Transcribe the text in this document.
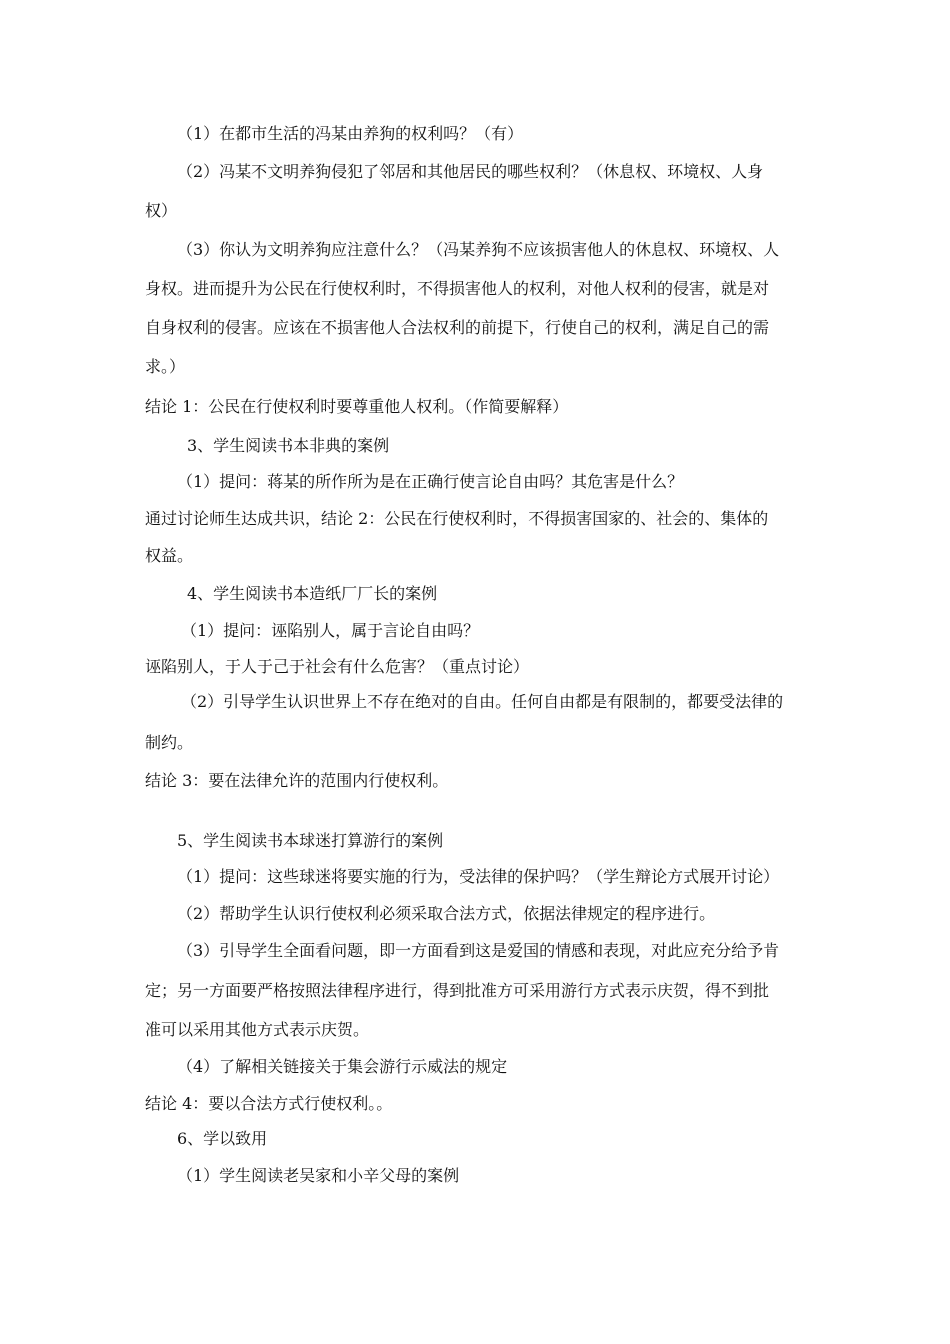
（1）在都市生活的冯某由养狗的权利吗？（有）

（2）冯某不文明养狗侵犯了邻居和其他居民的哪些权利？（休息权、环境权、人身

权）

（3）你认为文明养狗应注意什么？（冯某养狗不应该损害他人的休息权、环境权、人

身权。进而提升为公民在行使权利时，不得损害他人的权利，对他人权利的侵害，就是对

自身权利的侵害。应该在不损害他人合法权利的前提下，行使自己的权利，满足自己的需

求。）

结论 1：公民在行使权利时要尊重他人权利。（作简要解释）

3、学生阅读书本非典的案例

（1）提问：蒋某的所作所为是在正确行使言论自由吗？其危害是什么？

通过讨论师生达成共识，结论 2：公民在行使权利时，不得损害国家的、社会的、集体的

权益。

4、学生阅读书本造纸厂厂长的案例

（1）提问：诬陷别人，属于言论自由吗？

诬陷别人，于人于己于社会有什么危害？（重点讨论）

（2）引导学生认识世界上不存在绝对的自由。任何自由都是有限制的，都要受法律的

制约。

结论 3：要在法律允许的范围内行使权利。

5、学生阅读书本球迷打算游行的案例

（1）提问：这些球迷将要实施的行为，受法律的保护吗？（学生辩论方式展开讨论）

（2）帮助学生认识行使权利必须采取合法方式，依据法律规定的程序进行。

（3）引导学生全面看问题，即一方面看到这是爱国的情感和表现，对此应充分给予肯

定；另一方面要严格按照法律程序进行，得到批准方可采用游行方式表示庆贺，得不到批

准可以采用其他方式表示庆贺。

（4）了解相关链接关于集会游行示威法的规定

结论 4：要以合法方式行使权利。。

6、学以致用

（1）学生阅读老吴家和小辛父母的案例
